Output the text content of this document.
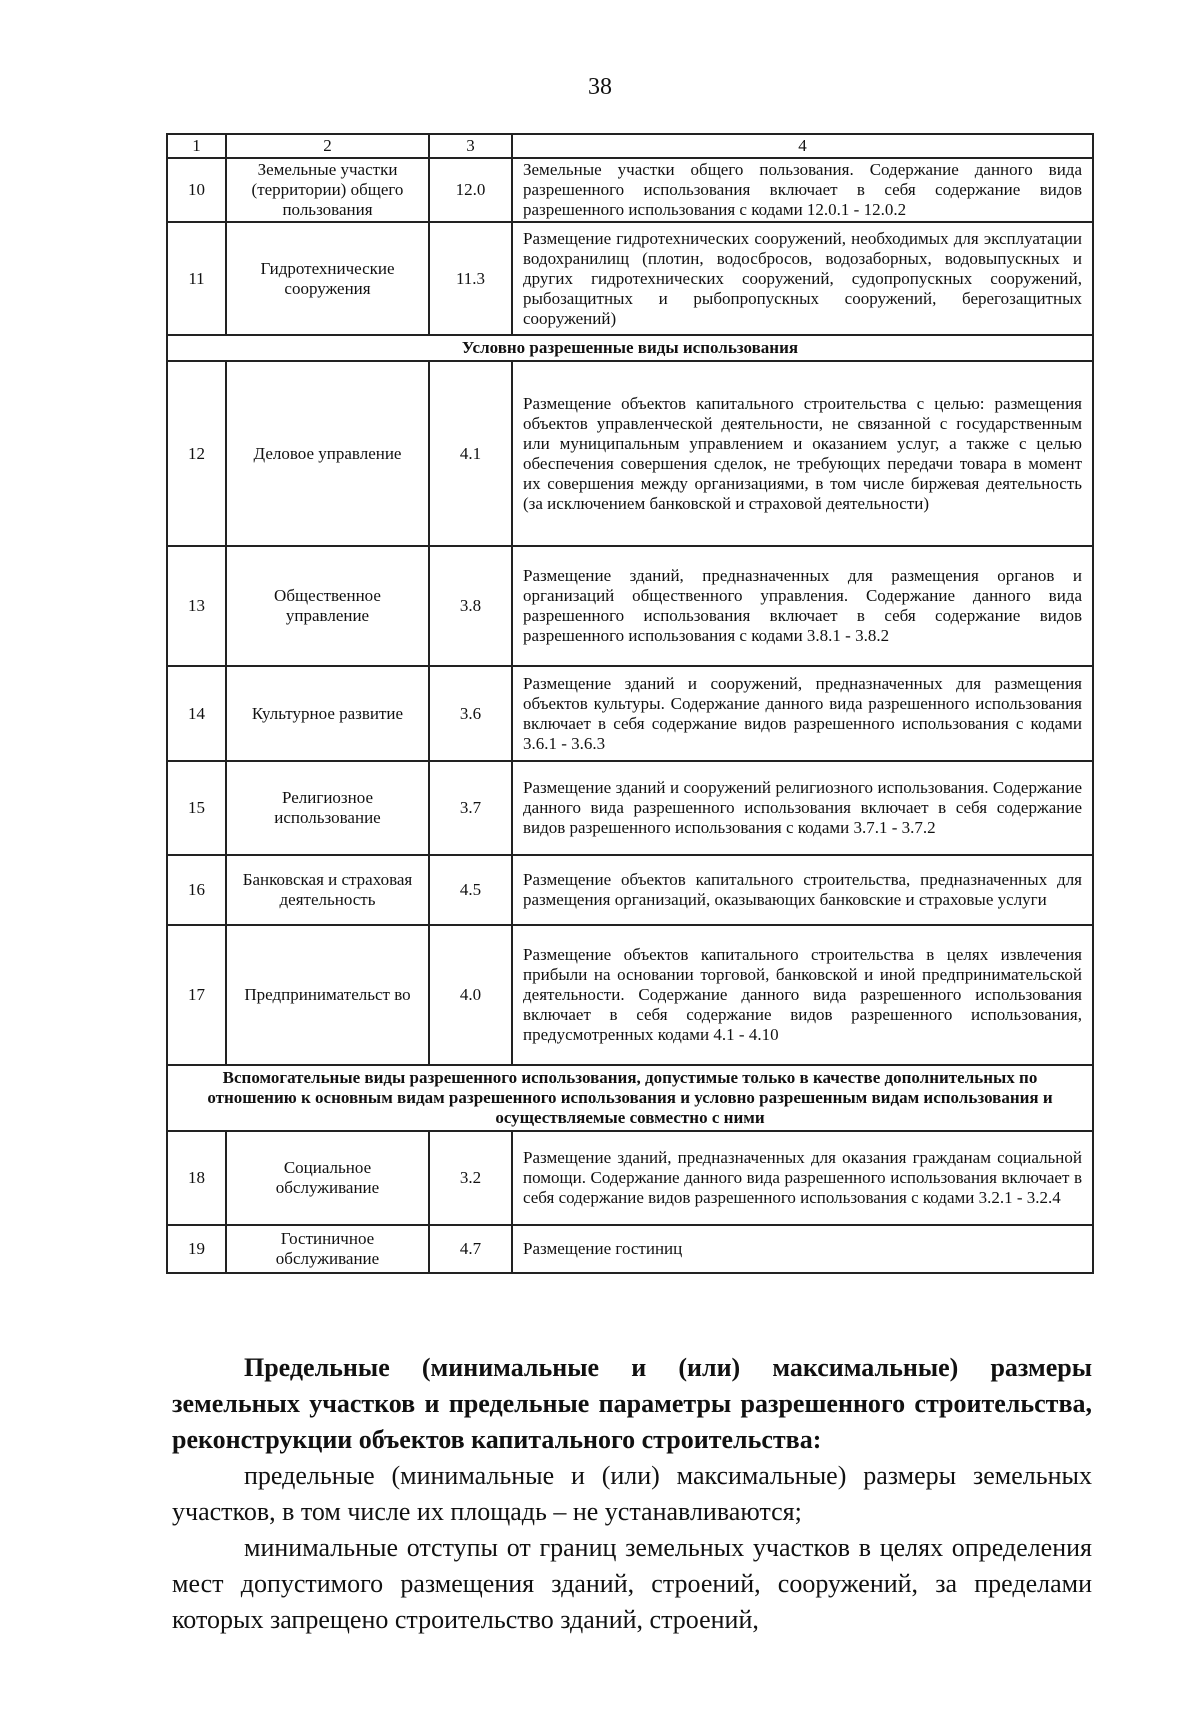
38
1	2	3	4
10	Земельные участки (территории) общего пользования	12.0	Земельные участки общего пользования. Содержание данного вида разрешенного использования включает в себя содержание видов разрешенного использования с кодами 12.0.1 - 12.0.2
11	Гидротехнические сооружения	11.3	Размещение гидротехнических сооружений, необходимых для эксплуатации водохранилищ (плотин, водосбросов, водозаборных, водовыпускных и других гидротехнических сооружений, судопропускных сооружений, рыбозащитных и рыбопропускных сооружений, берегозащитных сооружений)
Условно разрешенные виды использования			
12	Деловое управление	4.1	Размещение объектов капитального строительства с целью: размещения объектов управленческой деятельности, не связанной с государственным или муниципальным управлением и оказанием услуг, а также с целью обеспечения совершения сделок, не требующих передачи товара в момент их совершения между организациями, в том числе биржевая деятельность (за исключением банковской и страховой деятельности)
13	Общественное управление	3.8	Размещение зданий, предназначенных для размещения органов и организаций общественного управления. Содержание данного вида разрешенного использования включает в себя содержание видов разрешенного использования с кодами 3.8.1 - 3.8.2
14	Культурное развитие	3.6	Размещение зданий и сооружений, предназначенных для размещения объектов культуры. Содержание данного вида разрешенного использования включает в себя содержание видов разрешенного использования с кодами 3.6.1 - 3.6.3
15	Религиозное использование	3.7	Размещение зданий и сооружений религиозного использования. Содержание данного вида разрешенного использования включает в себя содержание видов разрешенного использования с кодами 3.7.1 - 3.7.2
16	Банковская и страховая деятельность	4.5	Размещение объектов капитального строительства, предназначенных для размещения организаций, оказывающих банковские и страховые услуги
17	Предпринимательст во	4.0	Размещение объектов капитального строительства в целях извлечения прибыли на основании торговой, банковской и иной предпринимательской деятельности. Содержание данного вида разрешенного использования включает в себя содержание видов разрешенного использования, предусмотренных кодами 4.1 - 4.10
Вспомогательные виды разрешенного использования, допустимые только в качестве дополнительных по отношению к основным видам разрешенного использования и условно разрешенным видам использования и осуществляемые совместно с ними			
18	Социальное обслуживание	3.2	Размещение зданий, предназначенных для оказания гражданам социальной помощи. Содержание данного вида разрешенного использования включает в себя содержание видов разрешенного использования с кодами 3.2.1 - 3.2.4
19	Гостиничное обслуживание	4.7	Размещение гостиниц

Предельные (минимальные и (или) максимальные) размеры земельных участков и предельные параметры разрешенного строительства, реконструкции объектов капитального строительства:

предельные (минимальные и (или) максимальные) размеры земельных участков, в том числе их площадь – не устанавливаются;

минимальные отступы от границ земельных участков в целях определения мест допустимого размещения зданий, строений, сооружений, за пределами которых запрещено строительство зданий, строений,
